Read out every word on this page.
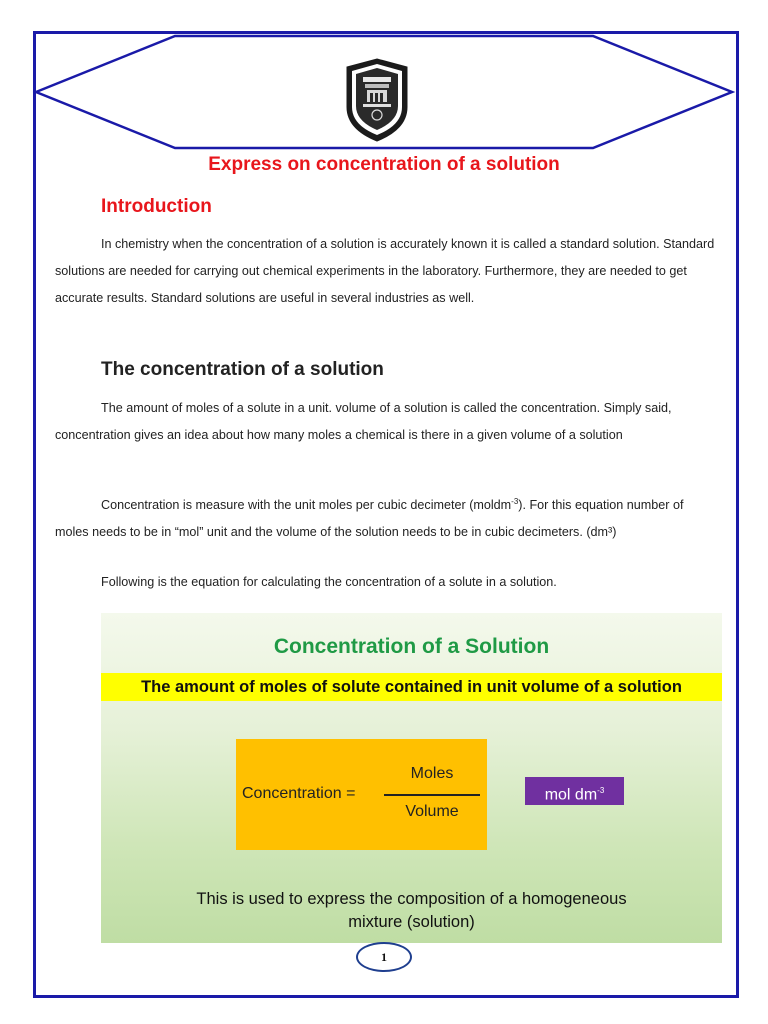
Express on concentration of a solution
Introduction

In chemistry when the concentration of a solution is accurately known it is called a standard solution. Standard solutions are needed for carrying out chemical experiments in the laboratory. Furthermore, they are needed to get accurate results. Standard solutions are useful in several industries as well.

The concentration of a solution

The amount of moles of a solute in a unit. volume of a solution is called the concentration. Simply said, concentration gives an idea about how many moles a chemical is there in a given volume of a solution

Concentration is measure with the unit moles per cubic decimeter (moldm$^{-3}$). For this equation number of moles needs to be in “mol” unit and the volume of the solution needs to be in cubic decimeters. (dm³)

Following is the equation for calculating the concentration of a solute in a solution.
Concentration of a Solution
The amount of moles of solute contained in unit volume of a solution
Concentration =
Moles
Volume
mol $dm^{-3}$
This is used to express the composition of a homogeneous
mixture (solution)
1
